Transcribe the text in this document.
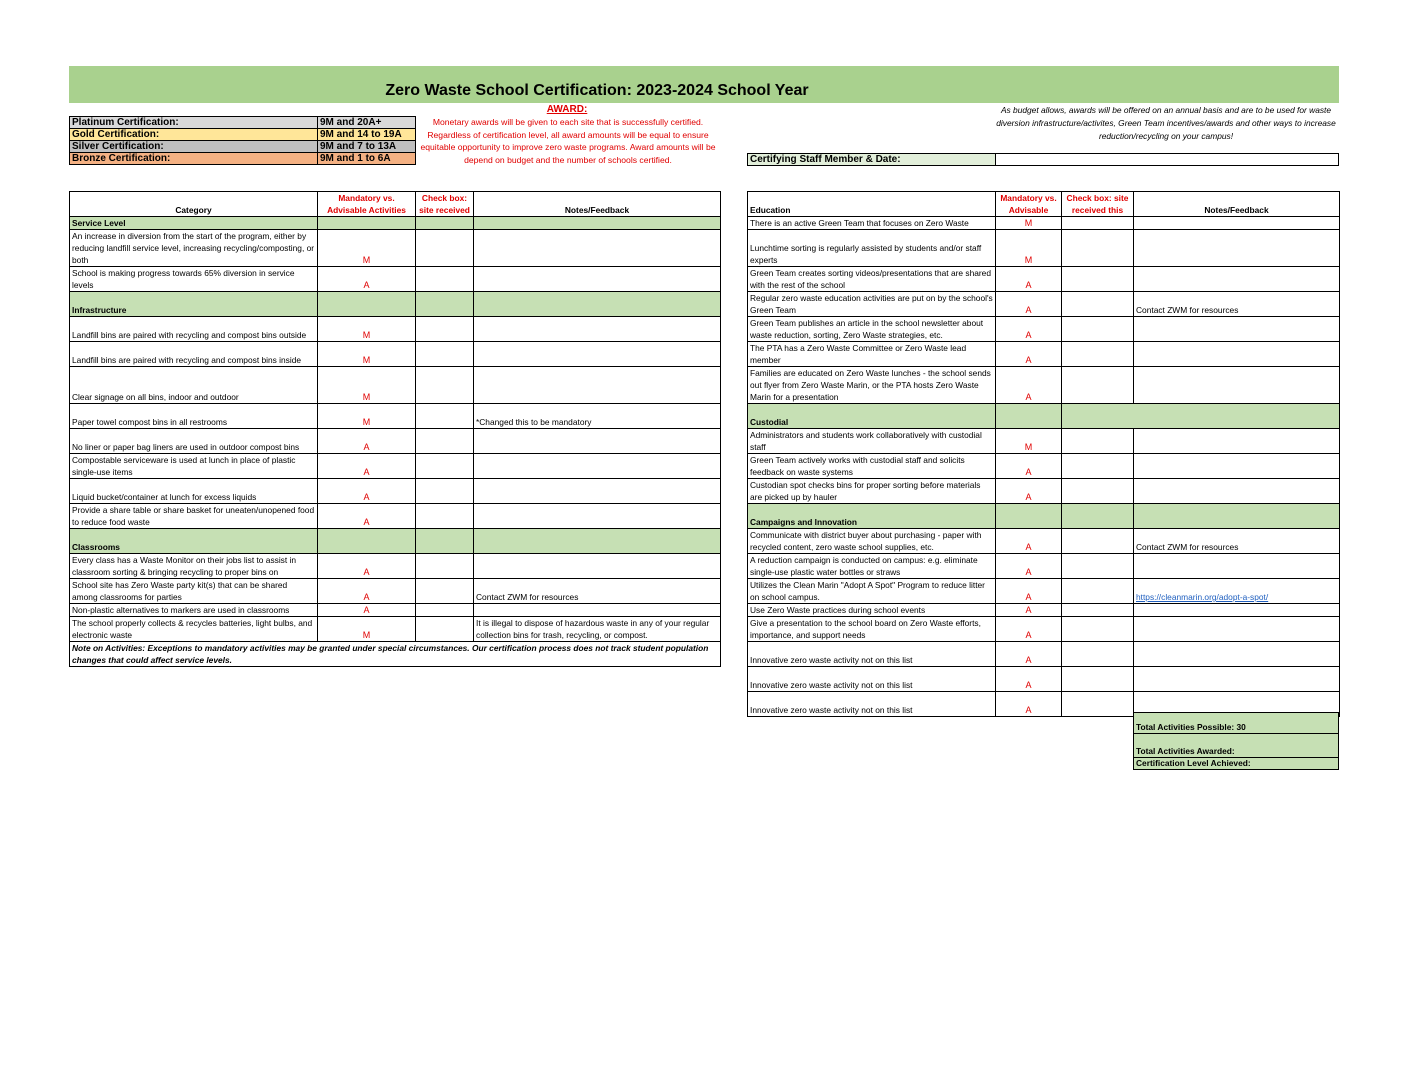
Zero Waste School Certification: 2023-2024 School Year
Platinum Certification:	9M and 20A+
Gold Certification:	9M and 14 to 19A
Silver Certification:	9M and 7 to 13A
Bronze Certification:	9M and 1 to 6A
AWARD:
Monetary awards will be given to each site that is successfully certified. Regardless of certification level, all award amounts will be equal to ensure equitable opportunity to improve zero waste programs. Award amounts will be depend on budget and the number of schools certified.
As budget allows, awards will be offered on an annual basis and are to be used for waste diversion infrastructure/activites, Green Team incentives/awards and other ways to increase reduction/recycling on your campus!
Certifying Staff Member & Date:	
Category	Mandatory vs. Advisable Activities	Check box: site received	Notes/Feedback
Service Level			
An increase in diversion from the start of the program, either by reducing landfill service level, increasing recycling/composting, or both	M		
School is making progress towards 65% diversion in service levels	A		
Infrastructure			
Landfill bins are paired with recycling and compost bins outside	M		
Landfill bins are paired with recycling and compost bins inside	M		
Clear signage on all bins, indoor and outdoor	M		
Paper towel compost bins in all restrooms	M		*Changed this to be mandatory
No liner or paper bag liners are used in outdoor compost bins	A		
Compostable serviceware is used at lunch in place of plastic single-use items	A		
Liquid bucket/container at lunch for excess liquids	A		
Provide a share table or share basket for uneaten/unopened food to reduce food waste	A		
Classrooms			
Every class has a Waste Monitor on their jobs list to assist in classroom sorting & bringing recycling to proper bins on	A		
School site has Zero Waste party kit(s) that can be shared among classrooms for parties	A		Contact ZWM for resources
Non-plastic alternatives to markers are used in classrooms	A		
The school properly collects & recycles batteries, light bulbs, and electronic waste	M		It is illegal to dispose of hazardous waste in any of your regular collection bins for trash, recycling, or compost.
Note on Activities: Exceptions to mandatory activities may be granted under special circumstances. Our certification process does not track student population changes that could affect service levels.			
Education	Mandatory vs. Advisable	Check box: site received this	Notes/Feedback
There is an active Green Team that focuses on Zero Waste	M		
Lunchtime sorting is regularly assisted by students and/or staff experts	M		
Green Team creates sorting videos/presentations that are shared with the rest of the school	A		
Regular zero waste education activities are put on by the school's Green Team	A		Contact ZWM for resources
Green Team publishes an article in the school newsletter about waste reduction, sorting, Zero Waste strategies, etc.	A		
The PTA has a Zero Waste Committee or Zero Waste lead member	A		
Families are educated on Zero Waste lunches - the school sends out flyer from Zero Waste Marin, or the PTA hosts Zero Waste Marin for a presentation	A		
Custodial			
Administrators and students work collaboratively with custodial staff	M		
Green Team actively works with custodial staff and solicits feedback on waste systems	A		
Custodian spot checks bins for proper sorting before materials are picked up by hauler	A		
Campaigns and Innovation			
Communicate with district buyer about purchasing - paper with recycled content, zero waste school supplies, etc.	A		Contact ZWM for resources
A reduction campaign is conducted on campus: e.g. eliminate single-use plastic water bottles or straws	A		
Utilizes the Clean Marin "Adopt A Spot" Program to reduce litter on school campus.	A		https://cleanmarin.org/adopt-a-spot/
Use Zero Waste practices during school events	A		
Give a presentation to the school board on Zero Waste efforts, importance, and support needs	A		
Innovative zero waste activity not on this list	A		
Innovative zero waste activity not on this list	A		
Innovative zero waste activity not on this list	A		
Total Activities Possible: 30
Total Activities Awarded:
Certification Level Achieved:
